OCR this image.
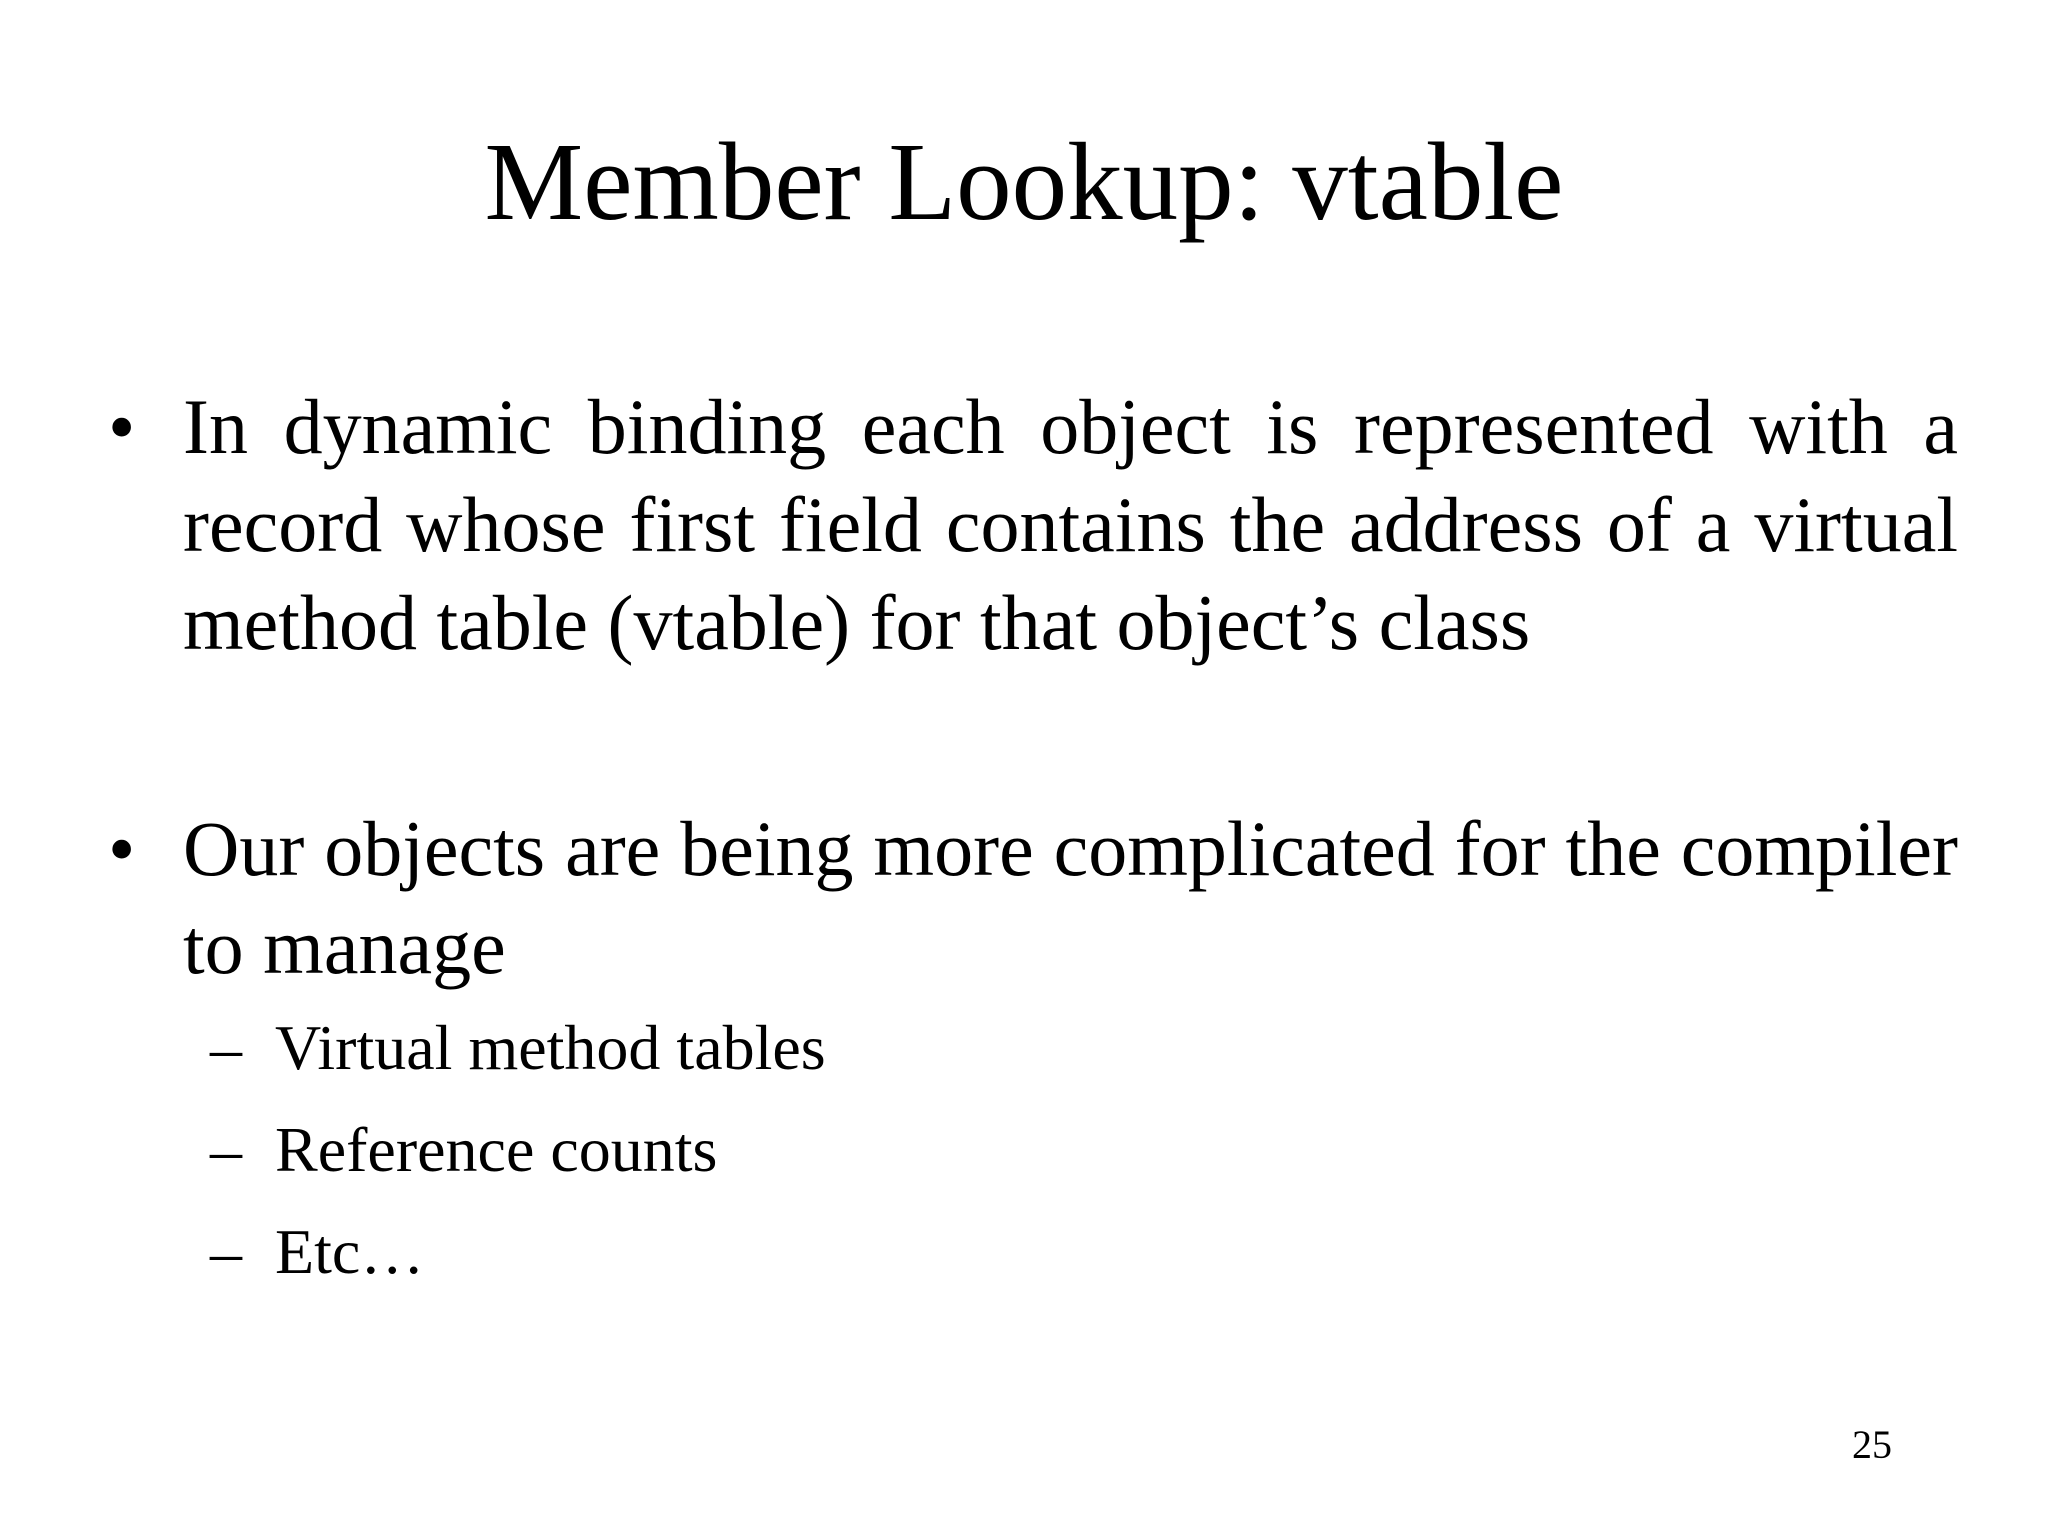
Member Lookup: vtable
• In dynamic binding each object is represented with a record whose first field contains the address of a virtual method table (vtable) for that object’s class
• Our objects are being more complicated for the compiler to manage
– Virtual method tables
– Reference counts
– Etc…
25
